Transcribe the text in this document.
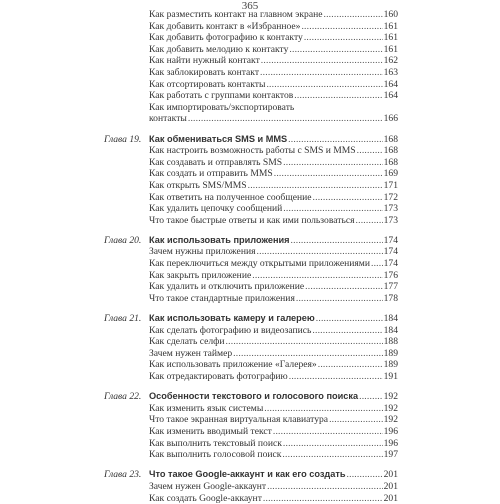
365
Как разместить контакт на главном экране .....	160
Как добавить контакт в «Избранное» .....	161
Как добавить фотографию к контакту .....	161
Как добавить мелодию к контакту .....	161
Как найти нужный контакт .....	162
Как заблокировать контакт .....	163
Как отсортировать контакты .....	164
Как работать с группами контактов .....	164
Как импортировать/экспортировать
контакты .....	166
Глава 19. Как обмениваться SMS и MMS .....	168
Как настроить возможность работы с SMS и MMS .....	168
Как создавать и отправлять SMS .....	168
Как создать и отправить MMS .....	169
Как открыть SMS/MMS .....	171
Как ответить на полученное сообщение .....	172
Как удалить цепочку сообщений .....	173
Что такое быстрые ответы и как ими пользоваться .....	173
Глава 20. Как использовать приложения .....	174
Зачем нужны приложения .....	174
Как переключиться между открытыми приложениями ..... 174
Как закрыть приложение .....	176
Как удалить и отключить приложение .....	177
Что такое стандартные приложения .....	178
Глава 21. Как использовать камеру и галерею .....	184
Как сделать фотографию и видеозапись .....	184
Как сделать селфи .....	188
Зачем нужен таймер .....	189
Как использовать приложение «Галерея» .....	189
Как отредактировать фотографию .....	191
Глава 22. Особенности текстового и голосового поиска .....	192
Как изменить язык системы .....	192
Что такое экранная виртуальная клавиатура .....	192
Как изменить вводимый текст .....	196
Как выполнить текстовый поиск .....	196
Как выполнить голосовой поиск .....	197
Глава 23. Что такое Google-аккаунт и как его создать .....	201
Зачем нужен Google-аккаунт .....	201
Как создать Google-аккаунт .....	201
